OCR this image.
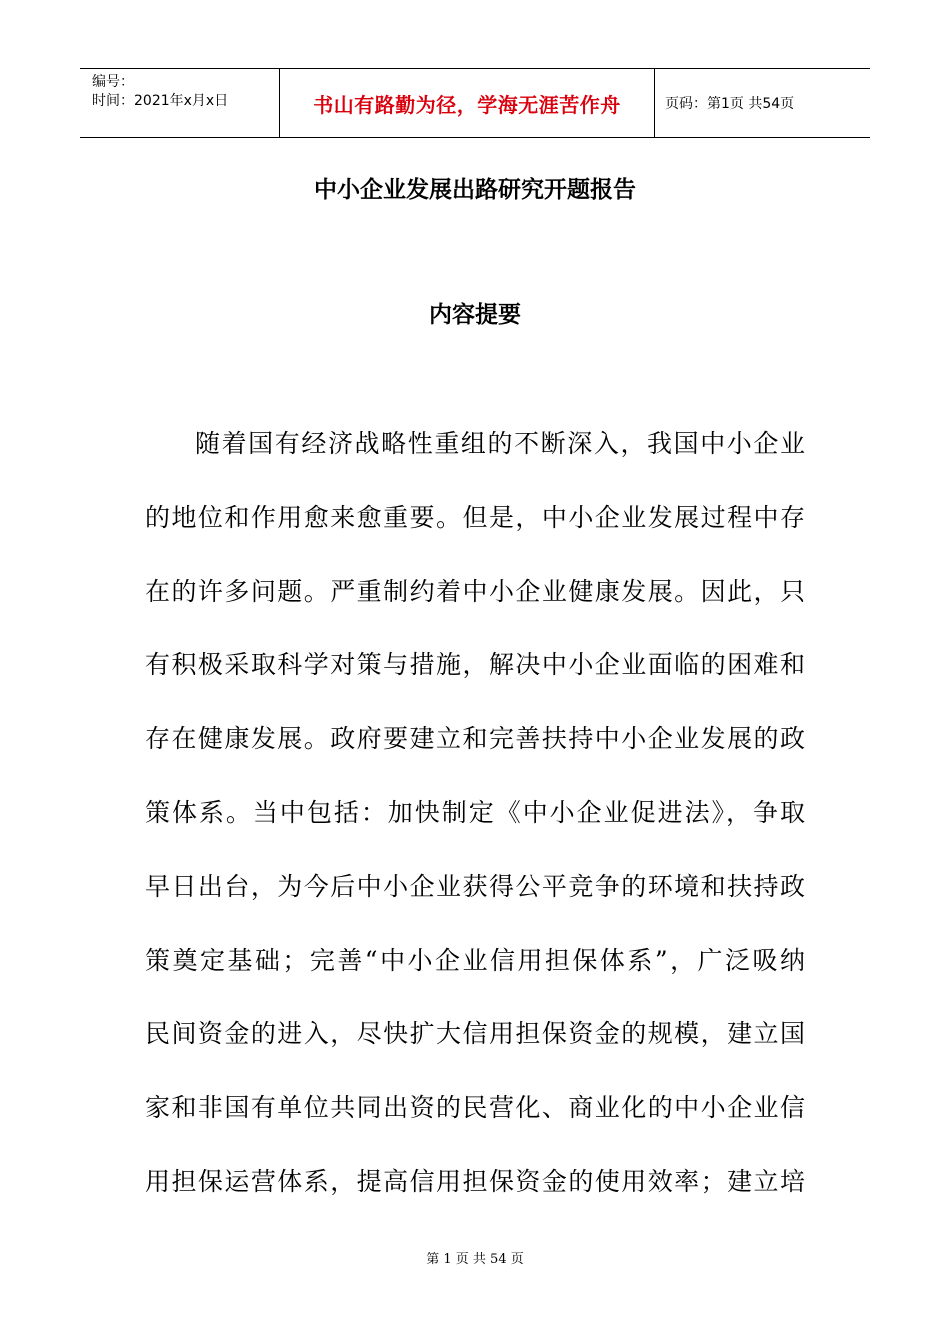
编号：
时间：2021年x月x日	书山有路勤为径，学海无涯苦作舟	页码：第1页 共54页
中小企业发展出路研究开题报告
内容提要
随着国有经济战略性重组的不断深入，我国中小企业
的地位和作用愈来愈重要。但是，中小企业发展过程中存
在的许多问题。严重制约着中小企业健康发展。因此，只
有积极采取科学对策与措施，解决中小企业面临的困难和
存在健康发展。政府要建立和完善扶持中小企业发展的政
策体系。当中包括：加快制定《中小企业促进法》，争取
早日出台，为今后中小企业获得公平竞争的环境和扶持政
策奠定基础；完善“中小企业信用担保体系”，广泛吸纳
民间资金的进入，尽快扩大信用担保资金的规模，建立国
家和非国有单位共同出资的民营化、商业化的中小企业信
用担保运营体系，提高信用担保资金的使用效率；建立培
第 1 页 共 54 页
